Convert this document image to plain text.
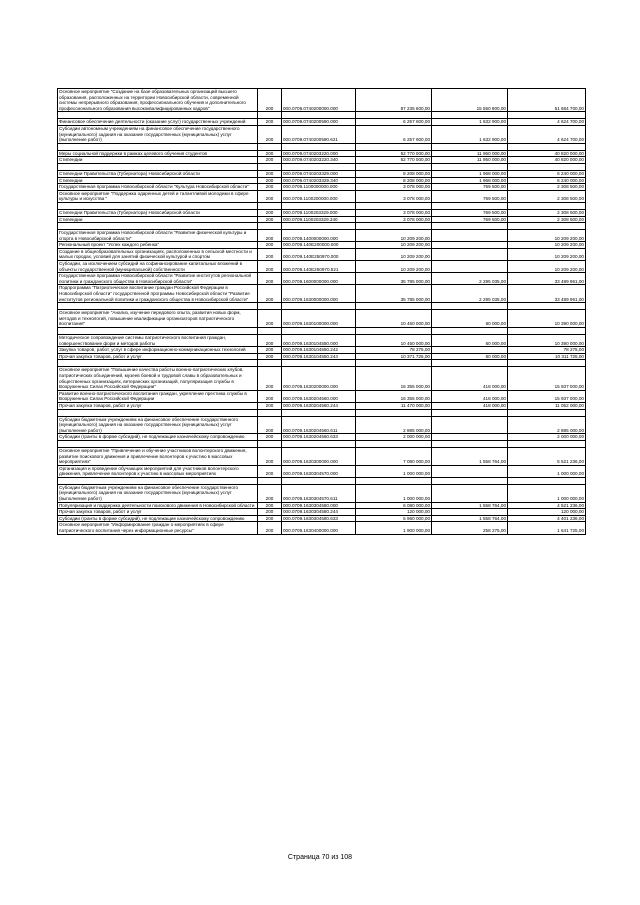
Основное мероприятие "Создание на базе образовательных организаций высшего образования, расположенных на территории Новосибирской области, современной системы непрерывного образования, профессионального обучения и дополнительного профессионального образования высококвалифицированных кадров"	200	000.0709.0740200000.000	87 235 600,00	15 550 900,00	51 684 700,00

Финансовое обеспечение деятельности (оказание услуг) государственных учреждений	200	000.0709.0740200590.000	6 257 600,00	1 632 900,00	4 624 700,00
Субсидии автономным учреждениям на финансовое обеспечение государственного (муниципального) задания на оказание государственных (муниципальных) услуг (выполнение работ)	200	000.0709.0740200590.621	6 257 600,00	1 632 900,00	4 624 700,00

Меры социальной поддержки в рамках целевого обучения студентов	200	000.0709.0740203220.000	52 770 000,00	11 950 000,00	40 820 000,00
Стипендии	200	000.0709.0740203220.340	52 770 000,00	11 950 000,00	40 820 000,00

Стипендии Правительства (Губернатора) Новосибирской области	200	000.0709.0740203329.000	8 208 000,00	1 968 000,00	6 240 000,00
Стипендии	200	000.0709.0740203329.340	8 208 000,00	1 968 000,00	6 240 000,00
Государственная программа Новосибирской области "Культура Новосибирской области"	200	000.0709.1100000000.000	3 078 000,00	769 500,00	2 308 500,00
Основное мероприятие "Поддержка одаренных детей и талантливой молодежи в сфере культуры и искусства "	200	000.0709.1100200000.000	3 078 000,00	769 500,00	2 308 500,00

Стипендии Правительства (Губернатора) Новосибирской области	200	000.0709.1100203329.000	3 078 000,00	769 500,00	2 308 500,00
Стипендии	200	000.0709.1100203329.340	3 078 000,00	769 500,00	2 308 500,00

Государственная программа Новосибирской области "Развитие физической культуры и спорта в Новосибирской области"	200	000.0709.1400000000.000	10 209 200,00		10 209 200,00
Региональный проект "Успех каждого ребенка"	200	000.0709.140E200000.000	10 209 200,00		10 209 200,00
Создание в общеобразовательных организациях, расположенных в сельской местности и малых городах, условий для занятий физической культурой и спортом	200	000.0709.140E250970.000	10 209 200,00		10 209 200,00
Субсидии, за исключением субсидий на софинансирование капитальных вложений в объекты государственной (муниципальной) собственности	200	000.0709.140E250970.521	10 209 200,00		10 209 200,00
Государственная программа Новосибирской области "Развитие институтов региональной политики и гражданского общества в Новосибирской области"	200	000.0709.1600000000.000	35 785 000,00	2 295 035,00	33 489 961,00
Подпрограмма "Патриотическое воспитание граждан Российской Федерации в Новосибирской области" государственной программы Новосибирской области "Развитие институтов региональной политики и гражданского общества в Новосибирской области"	200	000.0709.1630000000.000	35 785 000,00	2 295 035,00	33 489 961,00

Основное мероприятие "Анализ, изучение передового опыта, развития новых форм, методов и технологий, повышение квалификации организаторов патриотического воспитания"	200	000.0709.1630100000.000	10 450 000,00	60 000,00	10 390 000,00

Методическое сопровождение системы патриотического воспитания граждан, совершенствование форм и методов работы	200	000.0709.1630104550.000	10 450 000,00	60 000,00	10 390 000,00
Закупка товаров, работ, услуг в сфере информационно-коммуникационных технологий	200	000.0709.1630104550.242	78 275,00		78 275,00
Прочая закупка товаров, работ и услуг	200	000.0709.1630104550.244	10 371 725,00	60 000,00	10 311 725,00

Основное мероприятие "Повышение качества работы военно-патриотических клубов, патриотических объединений, музеев боевой и трудовой славы в образовательных и общественных организациях, ветеранских организаций, популяризация службы в Вооруженных Силах Российской Федерации"	200	000.0709.1630200000.000	16 355 000,00	418 000,00	15 937 000,00
Развитие военно-патриотического воспитания граждан, укрепление престижа службы в Вооруженных Силах Российской Федерации	200	000.0709.1630204560.000	16 355 000,00	418 000,00	15 937 000,00
Прочая закупка товаров, работ и услуг	200	000.0709.1630204560.244	11 470 000,00	418 000,00	11 052 000,00

Субсидии бюджетным учреждениям на финансовое обеспечение государственного (муниципального) задания на оказание государственных (муниципальных) услуг (выполнение работ)	200	000.0709.1630204560.611	2 885 000,00		2 885 000,00
Субсидии (гранты в форме субсидий), не подлежащие казначейскому сопровождению	200	000.0709.1630204560.633	2 000 000,00		2 000 000,00

Основное мероприятие "Привлечение и обучение участников волонтерского движения, развитие поискового движения и привлечение волонтеров к участию в массовых мероприятиях"	200	000.0709.1630300000.000	7 080 000,00	1 558 764,00	5 521 236,00
Организация и проведение обучающих мероприятий для участников волонтерского движения, привлечение волонтеров к участию в массовых мероприятиях	200	000.0709.1630304570.000	1 000 000,00		1 000 000,00

Субсидии бюджетным учреждениям на финансовое обеспечение государственного (муниципального) задания на оказание государственных (муниципальных) услуг (выполнение работ)	200	000.0709.1630304570.611	1 000 000,00		1 000 000,00
Популяризация и поддержка деятельности поискового движения в Новосибирской области	200	000.0709.1630304580.000	6 080 000,00	1 558 764,00	4 521 236,00
Прочая закупка товаров, работ и услуг	200	000.0709.1630304580.244	120 000,00		120 000,00
Субсидии (гранты в форме субсидий), не подлежащие казначейскому сопровождению	200	000.0709.1630304580.633	5 960 000,00	1 558 764,00	4 401 236,00
Основное мероприятие "Информирование граждан о мероприятиях в сфере патриотического воспитания через информационные ресурсы"	200	000.0709.1630400000.000	1 900 000,00	258 275,00	1 641 725,00
Страница 70 из 108
